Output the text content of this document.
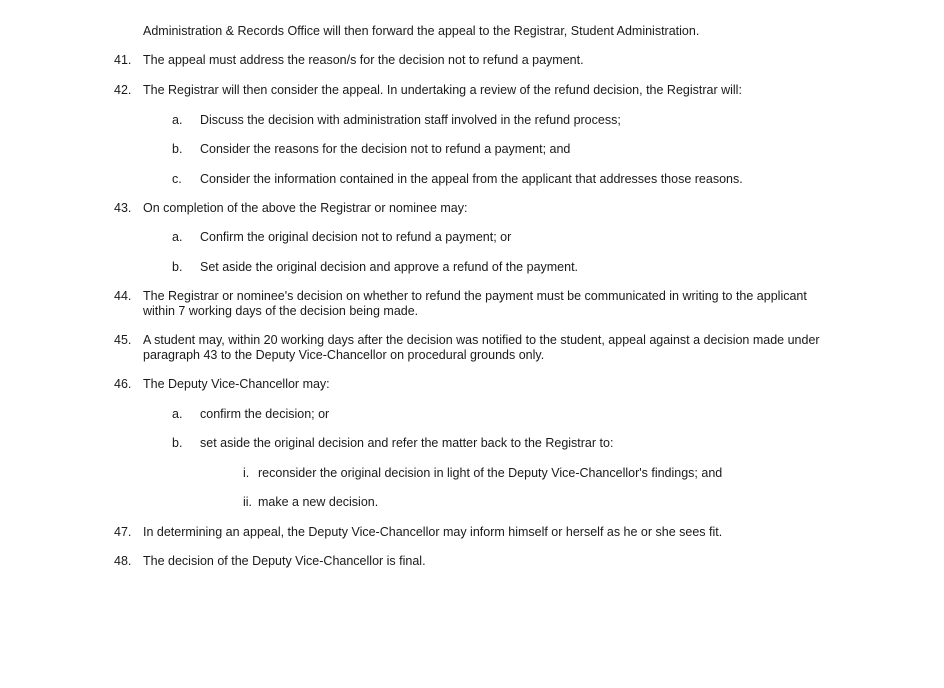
Administration & Records Office will then forward the appeal to the Registrar, Student Administration.
41. The appeal must address the reason/s for the decision not to refund a payment.
42. The Registrar will then consider the appeal. In undertaking a review of the refund decision, the Registrar will:
a. Discuss the decision with administration staff involved in the refund process;
b. Consider the reasons for the decision not to refund a payment; and
c. Consider the information contained in the appeal from the applicant that addresses those reasons.
43. On completion of the above the Registrar or nominee may:
a. Confirm the original decision not to refund a payment; or
b. Set aside the original decision and approve a refund of the payment.
44. The Registrar or nominee's decision on whether to refund the payment must be communicated in writing to the applicant
within 7 working days of the decision being made.
45. A student may, within 20 working days after the decision was notified to the student, appeal against a decision made under
paragraph 43 to the Deputy Vice-Chancellor on procedural grounds only.
46. The Deputy Vice-Chancellor may:
a. confirm the decision; or
b. set aside the original decision and refer the matter back to the Registrar to:
i. reconsider the original decision in light of the Deputy Vice-Chancellor's findings; and
ii. make a new decision.
47. In determining an appeal, the Deputy Vice-Chancellor may inform himself or herself as he or she sees fit.
48. The decision of the Deputy Vice-Chancellor is final.
